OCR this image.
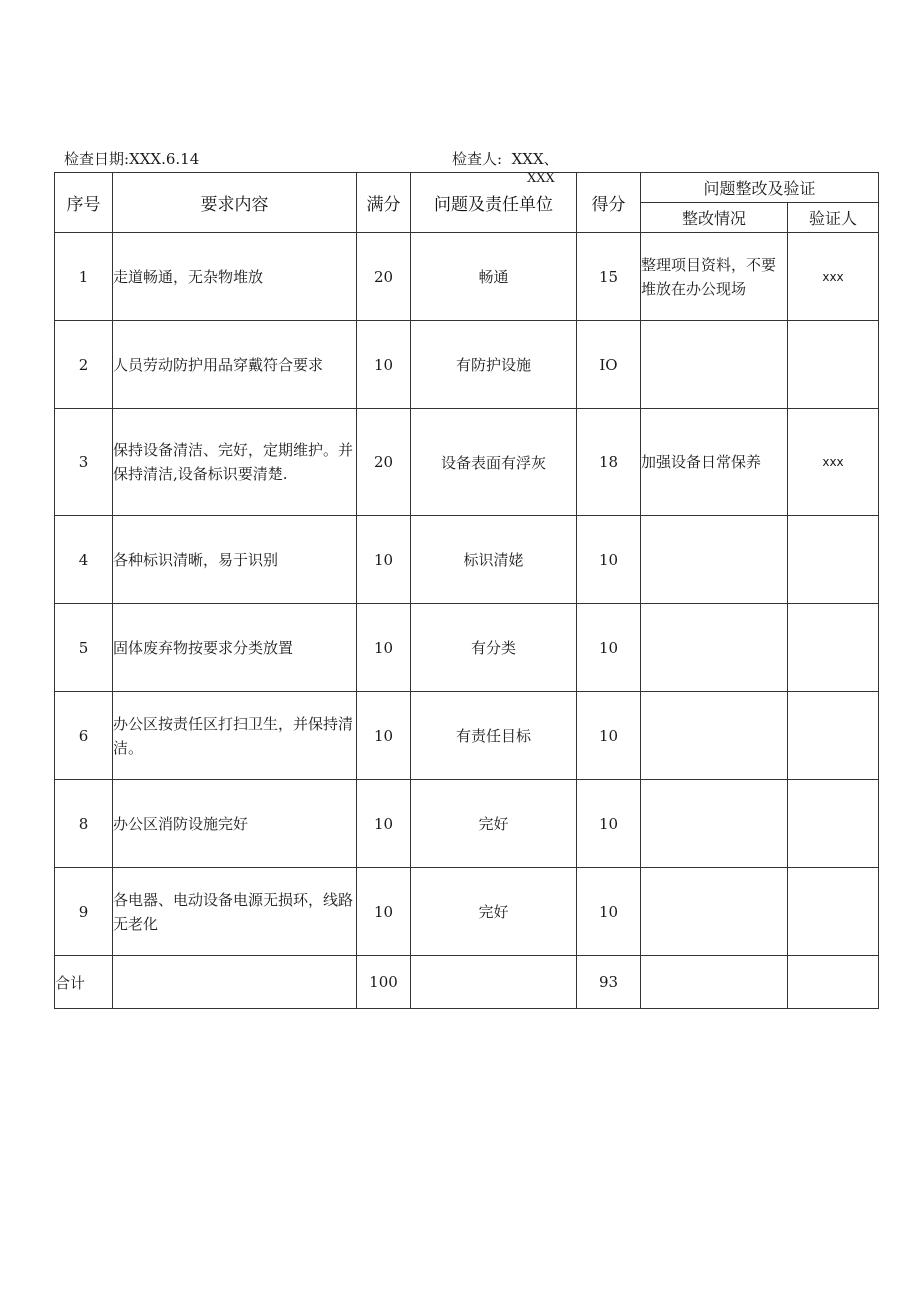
检查日期:XXX.6.14	检查人: XXX、
XXX
序号	要求内容	满分	问题及责任单位	得分	问题整改及验证	
					整改情况	验证人
1	走道畅通，无杂物堆放	20	畅通	15	整理项目资料，不要堆放在办公现场	xxx
2	人员劳动防护用品穿戴符合要求	10	有防护设施	IO		
3	保持设备清洁、完好，定期维护。并保持清洁,设备标识要清楚.	20	设备表面有浮灰	18	加强设备日常保养	xxx
4	各种标识清晰，易于识别	10	标识清姥	10		
5	固体废弃物按要求分类放置	10	有分类	10		
6	办公区按责任区打扫卫生，并保持清洁。	10	有责任目标	10		
8	办公区消防设施完好	10	完好	10		
9	各电器、电动设备电源无损环，线路无老化	10	完好	10		
合计		100		93		
